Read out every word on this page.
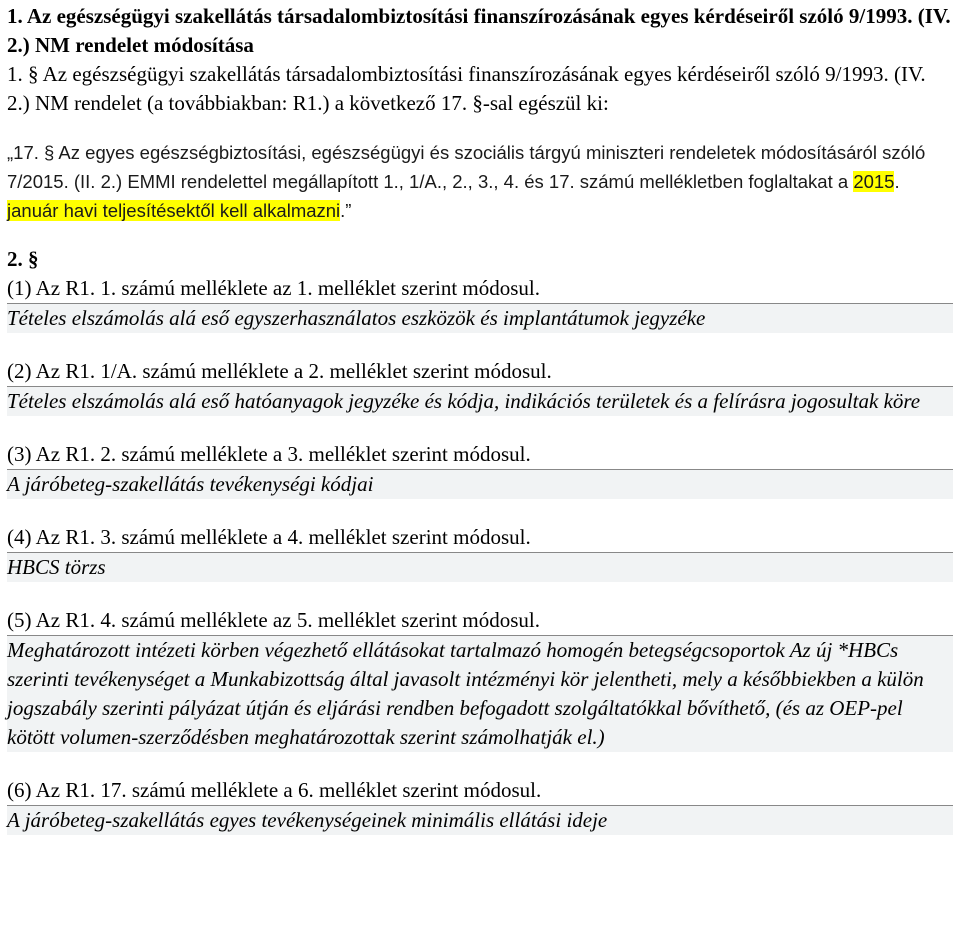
1. Az egészségügyi szakellátás társadalombiztosítási finanszírozásának egyes kérdéseiről szóló 9/1993. (IV. 2.) NM rendelet módosítása

1. § Az egészségügyi szakellátás társadalombiztosítási finanszírozásának egyes kérdéseiről szóló 9/1993. (IV. 2.) NM rendelet (a továbbiakban: R1.) a következő 17. §-sal egészül ki:

„17. § Az egyes egészségbiztosítási, egészségügyi és szociális tárgyú miniszteri rendeletek módosításáról szóló 7/2015. (II. 2.) EMMI rendelettel megállapított 1., 1/A., 2., 3., 4. és 17. számú mellékletben foglaltakat a 2015. január havi teljesítésektől kell alkalmazni.”

2. §

(1) Az R1. 1. számú melléklete az 1. melléklet szerint módosul.

Tételes elszámolás alá eső egyszerhasználatos eszközök és implantátumok jegyzéke

(2) Az R1. 1/A. számú melléklete a 2. melléklet szerint módosul.

Tételes elszámolás alá eső hatóanyagok jegyzéke és kódja, indikációs területek és a felírásra jogosultak köre

(3) Az R1. 2. számú melléklete a 3. melléklet szerint módosul.

A járóbeteg-szakellátás tevékenységi kódjai

(4) Az R1. 3. számú melléklete a 4. melléklet szerint módosul.

HBCS törzs

(5) Az R1. 4. számú melléklete az 5. melléklet szerint módosul.

Meghatározott intézeti körben végezhető ellátásokat tartalmazó homogén betegségcsoportok Az új *HBCs szerinti tevékenységet a Munkabizottság által javasolt intézményi kör jelentheti, mely a későbbiekben a külön jogszabály szerinti pályázat útján és eljárási rendben befogadott szolgáltatókkal bővíthető, (és az OEP-pel kötött volumen-szerződésben meghatározottak szerint számolhatják el.)

(6) Az R1. 17. számú melléklete a 6. melléklet szerint módosul.

A járóbeteg-szakellátás egyes tevékenységeinek minimális ellátási ideje
